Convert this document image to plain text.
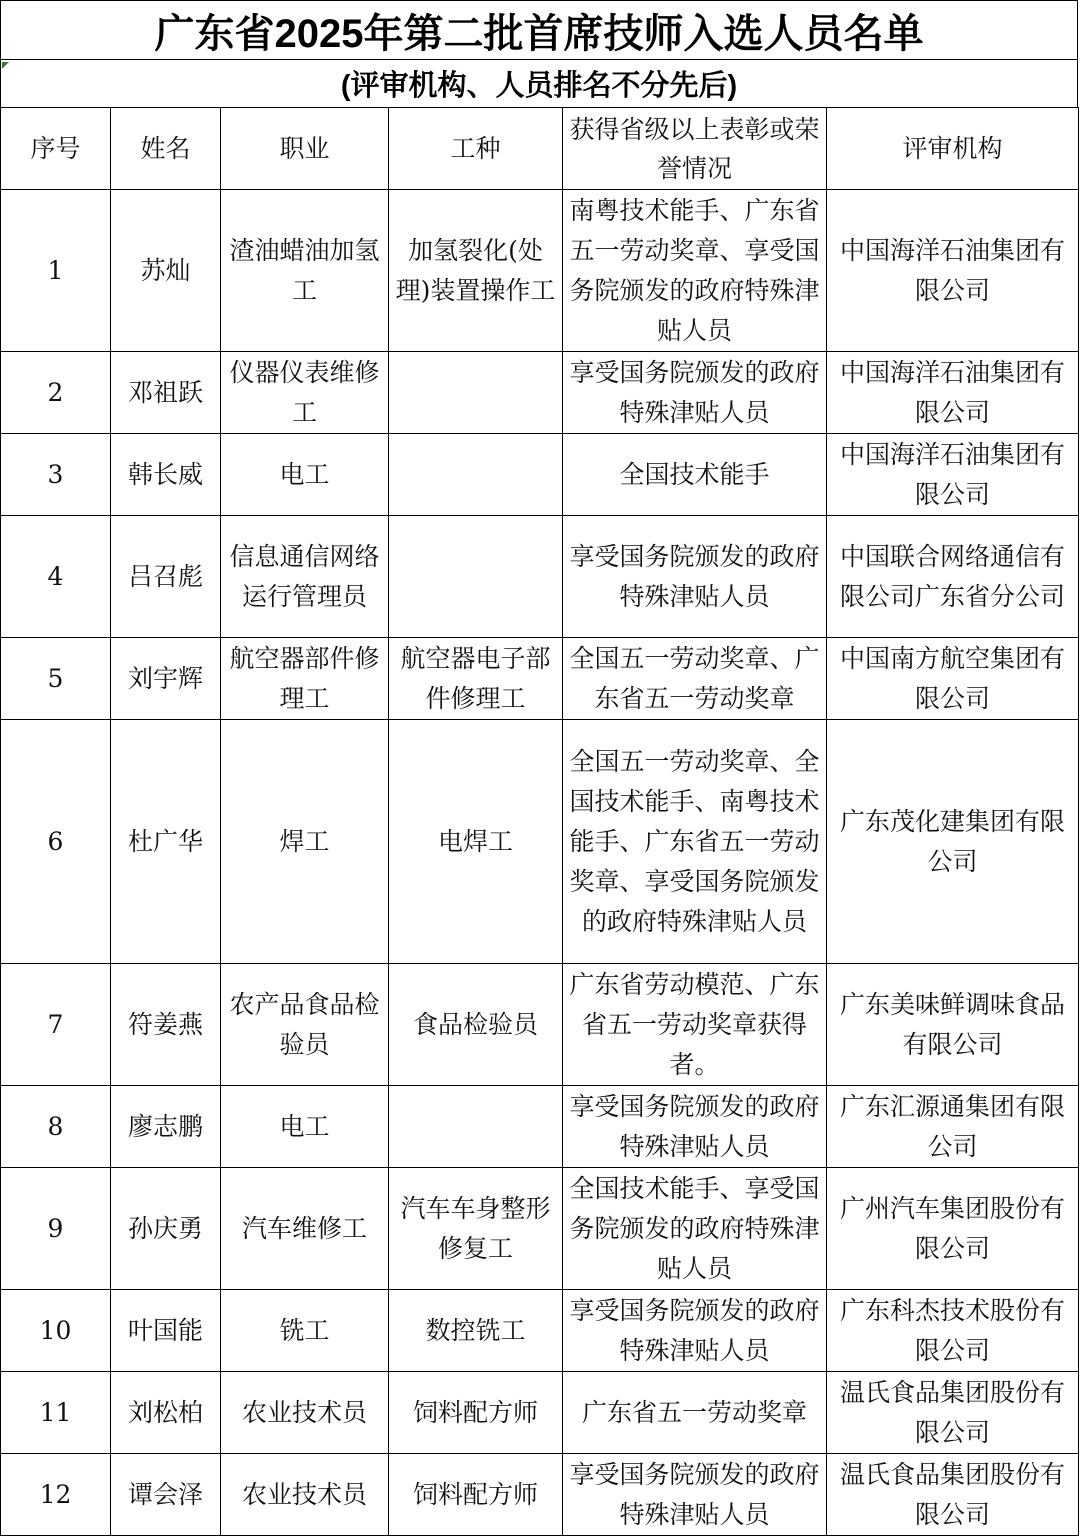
广东省2025年第二批首席技师入选人员名单
(评审机构、人员排名不分先后)
序号	姓名	职业	工种	获得省级以上表彰或荣誉情况	评审机构
1	苏灿	渣油蜡油加氢工	加氢裂化(处理)装置操作工	南粤技术能手、广东省五一劳动奖章、享受国务院颁发的政府特殊津贴人员	中国海洋石油集团有限公司
2	邓祖跃	仪器仪表维修工		享受国务院颁发的政府特殊津贴人员	中国海洋石油集团有限公司
3	韩长威	电工		全国技术能手	中国海洋石油集团有限公司
4	吕召彪	信息通信网络运行管理员		享受国务院颁发的政府特殊津贴人员	中国联合网络通信有限公司广东省分公司
5	刘宇辉	航空器部件修理工	航空器电子部件修理工	全国五一劳动奖章、广东省五一劳动奖章	中国南方航空集团有限公司
6	杜广华	焊工	电焊工	全国五一劳动奖章、全国技术能手、南粤技术能手、广东省五一劳动奖章、享受国务院颁发的政府特殊津贴人员	广东茂化建集团有限公司
7	符姜燕	农产品食品检验员	食品检验员	广东省劳动模范、广东省五一劳动奖章获得者。	广东美味鲜调味食品有限公司
8	廖志鹏	电工		享受国务院颁发的政府特殊津贴人员	广东汇源通集团有限公司
9	孙庆勇	汽车维修工	汽车车身整形修复工	全国技术能手、享受国务院颁发的政府特殊津贴人员	广州汽车集团股份有限公司
10	叶国能	铣工	数控铣工	享受国务院颁发的政府特殊津贴人员	广东科杰技术股份有限公司
11	刘松柏	农业技术员	饲料配方师	广东省五一劳动奖章	温氏食品集团股份有限公司
12	谭会泽	农业技术员	饲料配方师	享受国务院颁发的政府特殊津贴人员	温氏食品集团股份有限公司
